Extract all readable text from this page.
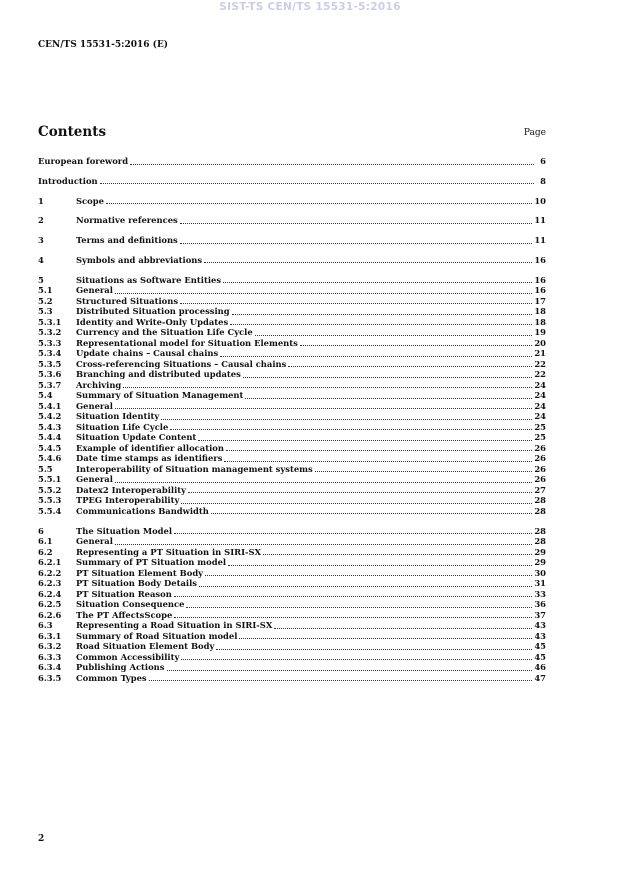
SIST-TS CEN/TS 15531-5:2016
CEN/TS 15531-5:2016 (E)
Contents	Page
European foreword	6
Introduction	8
1	Scope	10
2	Normative references	11
3	Terms and definitions	11
4	Symbols and abbreviations	16
5	Situations as Software Entities	16
5.1	General	16
5.2	Structured Situations	17
5.3	Distributed Situation processing	18
5.3.1	Identity and Write-Only Updates	18
5.3.2	Currency and the Situation Life Cycle	19
5.3.3	Representational model for Situation Elements	20
5.3.4	Update chains – Causal chains	21
5.3.5	Cross-referencing Situations – Causal chains	22
5.3.6	Branching and distributed updates	22
5.3.7	Archiving	24
5.4	Summary of Situation Management	24
5.4.1	General	24
5.4.2	Situation Identity	24
5.4.3	Situation Life Cycle	25
5.4.4	Situation Update Content	25
5.4.5	Example of identifier allocation	26
5.4.6	Date time stamps as identifiers	26
5.5	Interoperability of Situation management systems	26
5.5.1	General	26
5.5.2	Datex2 Interoperability	27
5.5.3	TPEG Interoperability	28
5.5.4	Communications Bandwidth	28
6	The Situation Model	28
6.1	General	28
6.2	Representing a PT Situation in SIRI-SX	29
6.2.1	Summary of PT Situation model	29
6.2.2	PT Situation Element Body	30
6.2.3	PT Situation Body Details	31
6.2.4	PT Situation Reason	33
6.2.5	Situation Consequence	36
6.2.6	The PT AffectsScope	37
6.3	Representing a Road Situation in SIRI-SX	43
6.3.1	Summary of Road Situation model	43
6.3.2	Road Situation Element Body	45
6.3.3	Common Accessibility	45
6.3.4	Publishing Actions	46
6.3.5	Common Types	47
2
